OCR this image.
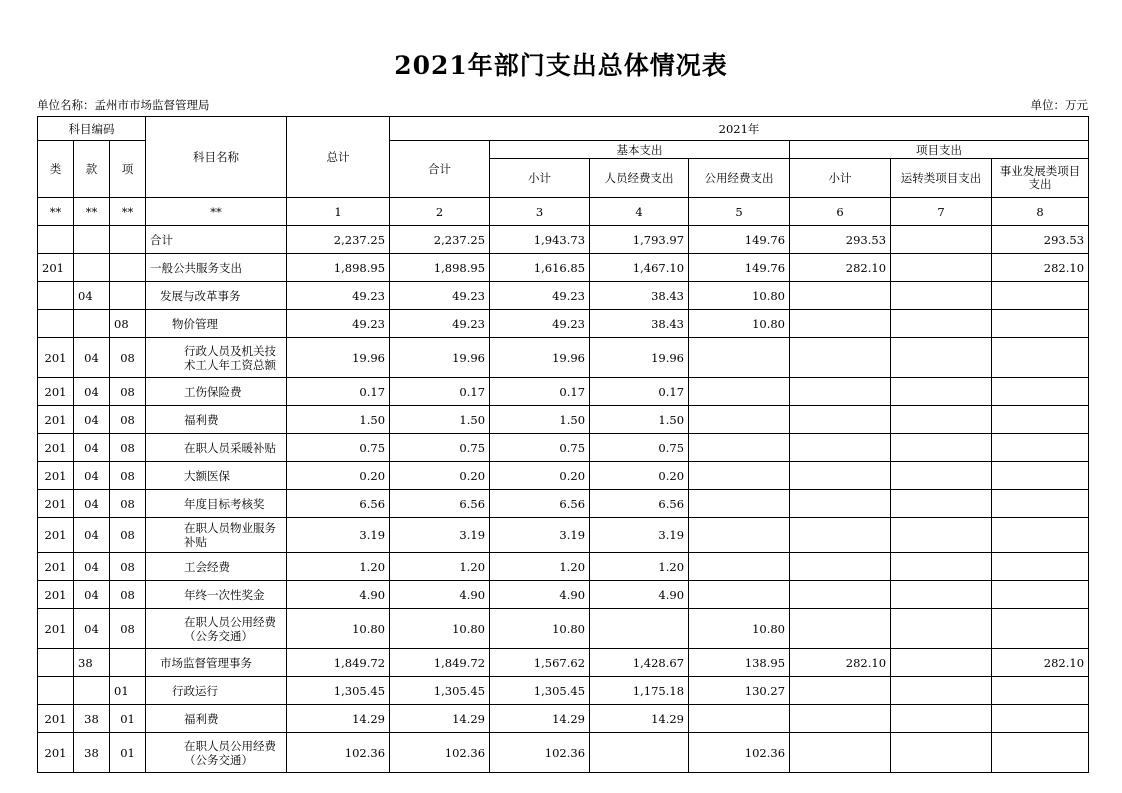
2021年部门支出总体情况表
单位名称：孟州市市场监督管理局	单位：万元
科目编码			科目名称	总计	2021年						
类	款	项			合计	基本支出			项目支出		
						小计	人员经费支出	公用经费支出	小计	运转类项目支出	事业发展类项目支出
**	**	**	**	1	2	3	4	5	6	7	8
			合计	2,237.25	2,237.25	1,943.73	1,793.97	149.76	293.53		293.53
201			一般公共服务支出	1,898.95	1,898.95	1,616.85	1,467.10	149.76	282.10		282.10
	04		发展与改革事务	49.23	49.23	49.23	38.43	10.80			
		08	物价管理	49.23	49.23	49.23	38.43	10.80			
201	04	08	行政人员及机关技术工人年工资总额	19.96	19.96	19.96	19.96				
201	04	08	工伤保险费	0.17	0.17	0.17	0.17				
201	04	08	福利费	1.50	1.50	1.50	1.50				
201	04	08	在职人员采暖补贴	0.75	0.75	0.75	0.75				
201	04	08	大额医保	0.20	0.20	0.20	0.20				
201	04	08	年度目标考核奖	6.56	6.56	6.56	6.56				
201	04	08	在职人员物业服务补贴	3.19	3.19	3.19	3.19				
201	04	08	工会经费	1.20	1.20	1.20	1.20				
201	04	08	年终一次性奖金	4.90	4.90	4.90	4.90				
201	04	08	在职人员公用经费（公务交通）	10.80	10.80	10.80		10.80			
	38		市场监督管理事务	1,849.72	1,849.72	1,567.62	1,428.67	138.95	282.10		282.10
		01	行政运行	1,305.45	1,305.45	1,305.45	1,175.18	130.27			
201	38	01	福利费	14.29	14.29	14.29	14.29				
201	38	01	在职人员公用经费（公务交通）	102.36	102.36	102.36		102.36			
